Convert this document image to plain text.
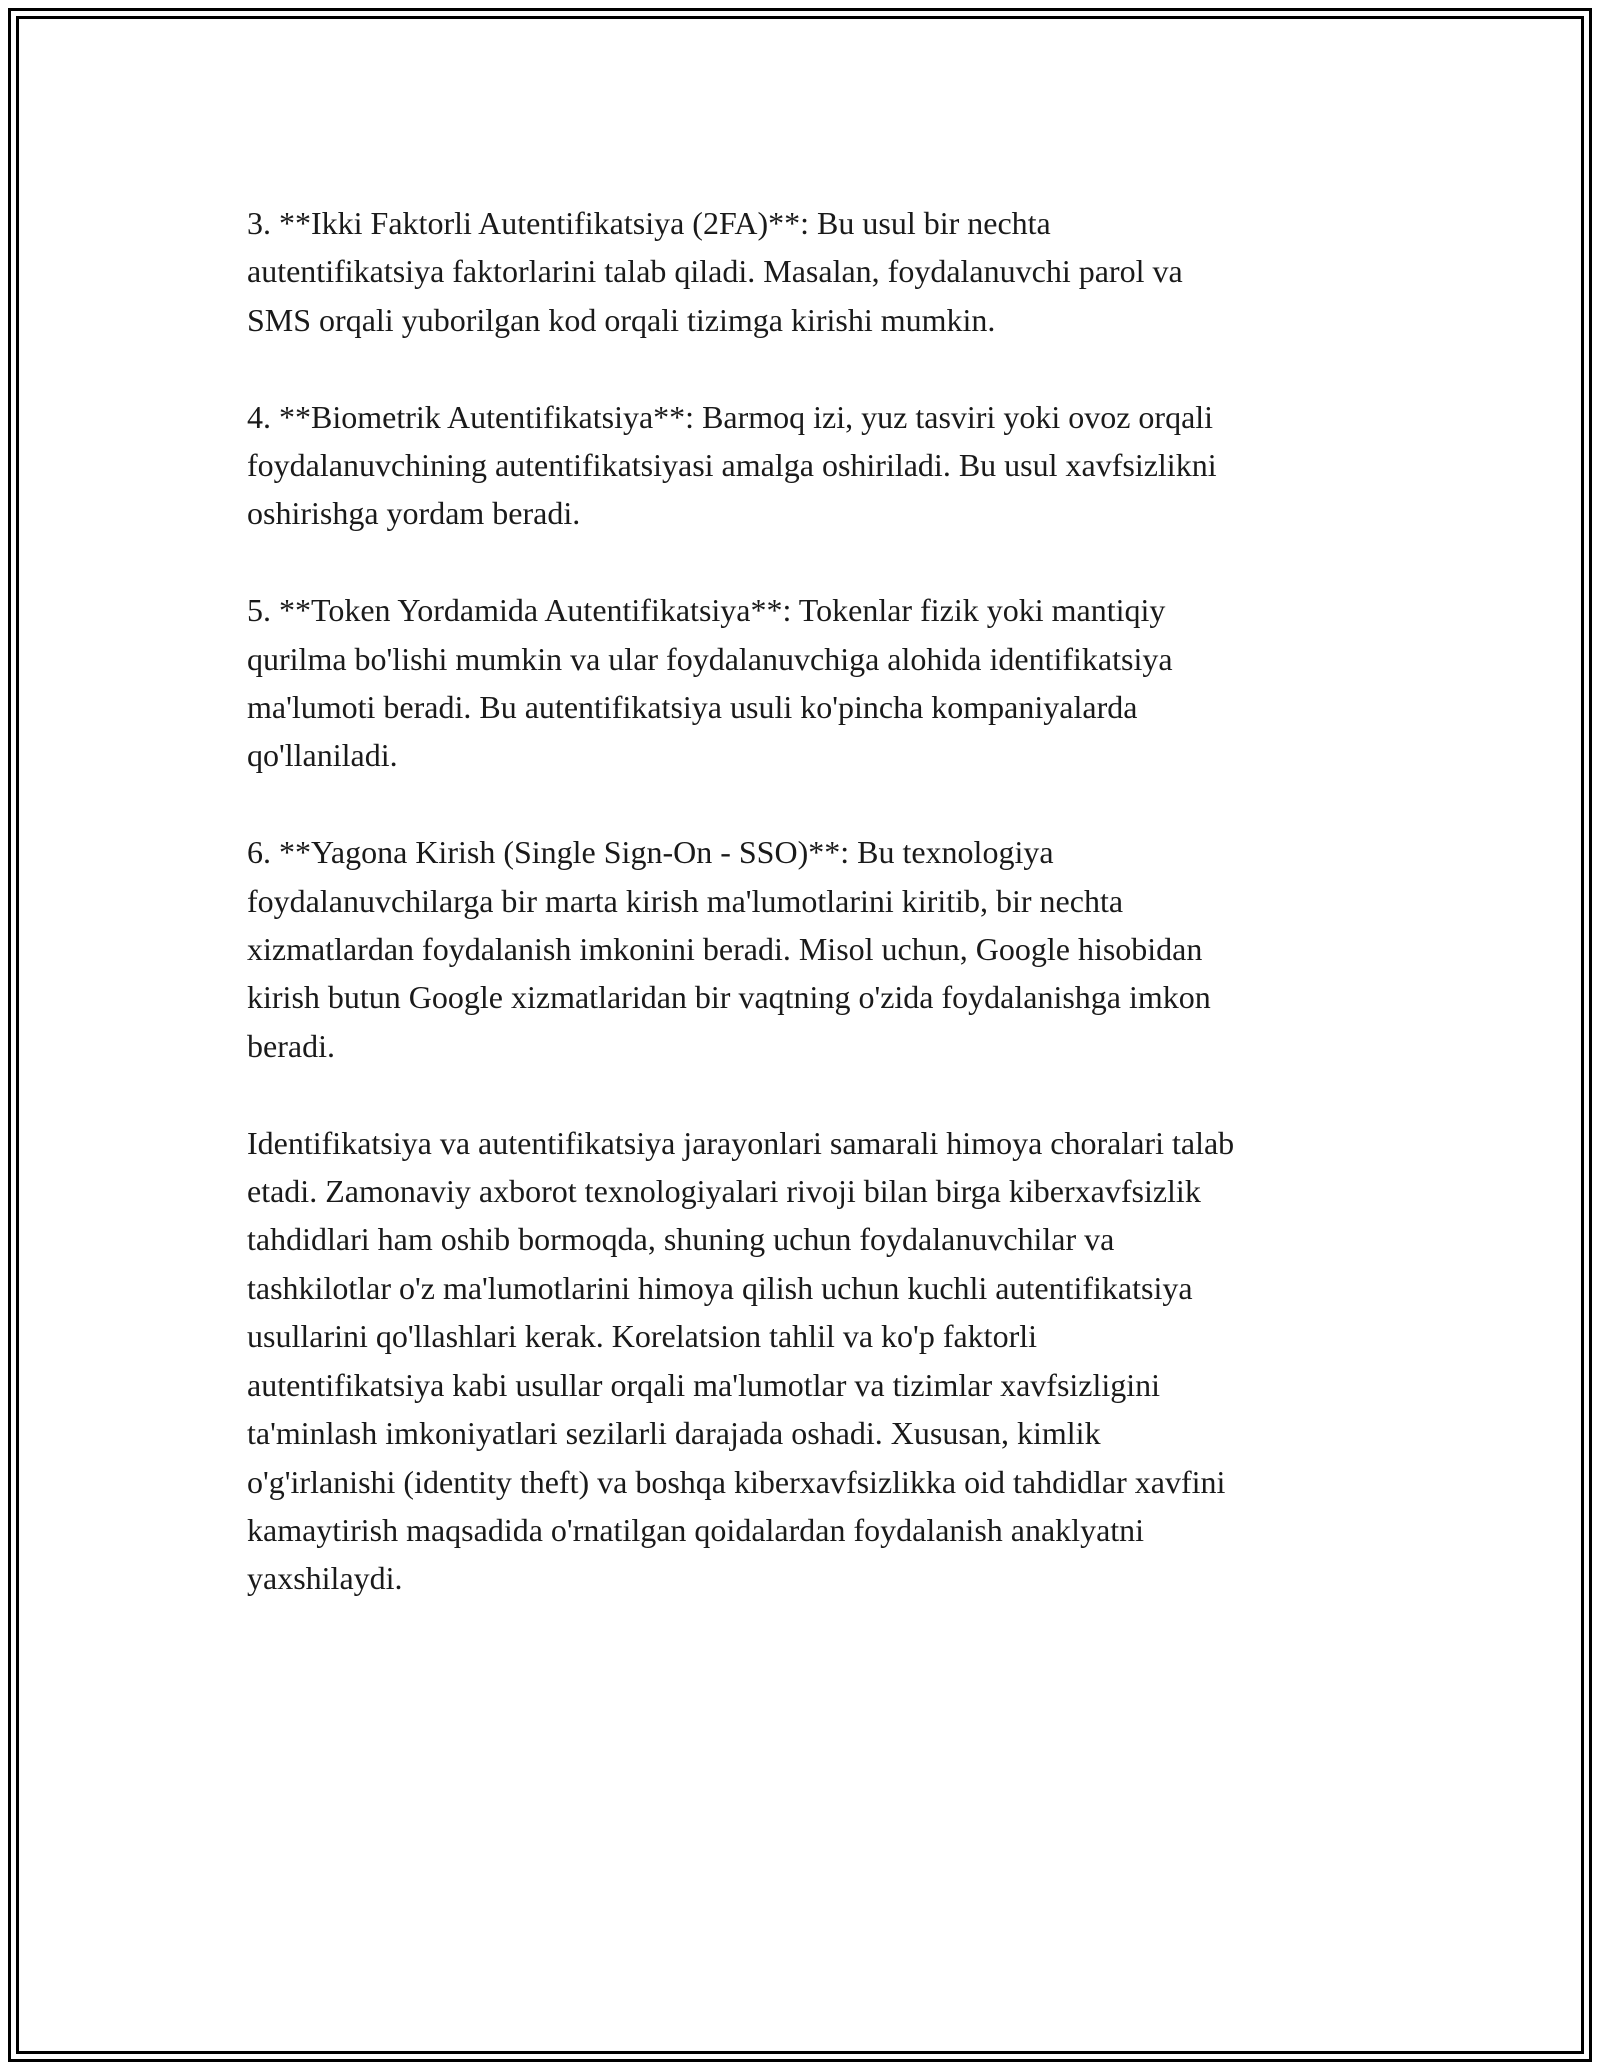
3. **Ikki Faktorli Autentifikatsiya (2FA)**: Bu usul bir nechta
autentifikatsiya faktorlarini talab qiladi. Masalan, foydalanuvchi parol va
SMS orqali yuborilgan kod orqali tizimga kirishi mumkin.

4. **Biometrik Autentifikatsiya**: Barmoq izi, yuz tasviri yoki ovoz orqali
foydalanuvchining autentifikatsiyasi amalga oshiriladi. Bu usul xavfsizlikni
oshirishga yordam beradi.

5. **Token Yordamida Autentifikatsiya**: Tokenlar fizik yoki mantiqiy
qurilma bo'lishi mumkin va ular foydalanuvchiga alohida identifikatsiya
ma'lumoti beradi. Bu autentifikatsiya usuli ko'pincha kompaniyalarda
qo'llaniladi.

6. **Yagona Kirish (Single Sign-On - SSO)**: Bu texnologiya
foydalanuvchilarga bir marta kirish ma'lumotlarini kiritib, bir nechta
xizmatlardan foydalanish imkonini beradi. Misol uchun, Google hisobidan
kirish butun Google xizmatlaridan bir vaqtning o'zida foydalanishga imkon
beradi.

Identifikatsiya va autentifikatsiya jarayonlari samarali himoya choralari talab
etadi. Zamonaviy axborot texnologiyalari rivoji bilan birga kiberxavfsizlik
tahdidlari ham oshib bormoqda, shuning uchun foydalanuvchilar va
tashkilotlar o'z ma'lumotlarini himoya qilish uchun kuchli autentifikatsiya
usullarini qo'llashlari kerak. Korelatsion tahlil va ko'p faktorli
autentifikatsiya kabi usullar orqali ma'lumotlar va tizimlar xavfsizligini
ta'minlash imkoniyatlari sezilarli darajada oshadi. Xususan, kimlik
o'g'irlanishi (identity theft) va boshqa kiberxavfsizlikka oid tahdidlar xavfini
kamaytirish maqsadida o'rnatilgan qoidalardan foydalanish anaklyatni
yaxshilaydi.
